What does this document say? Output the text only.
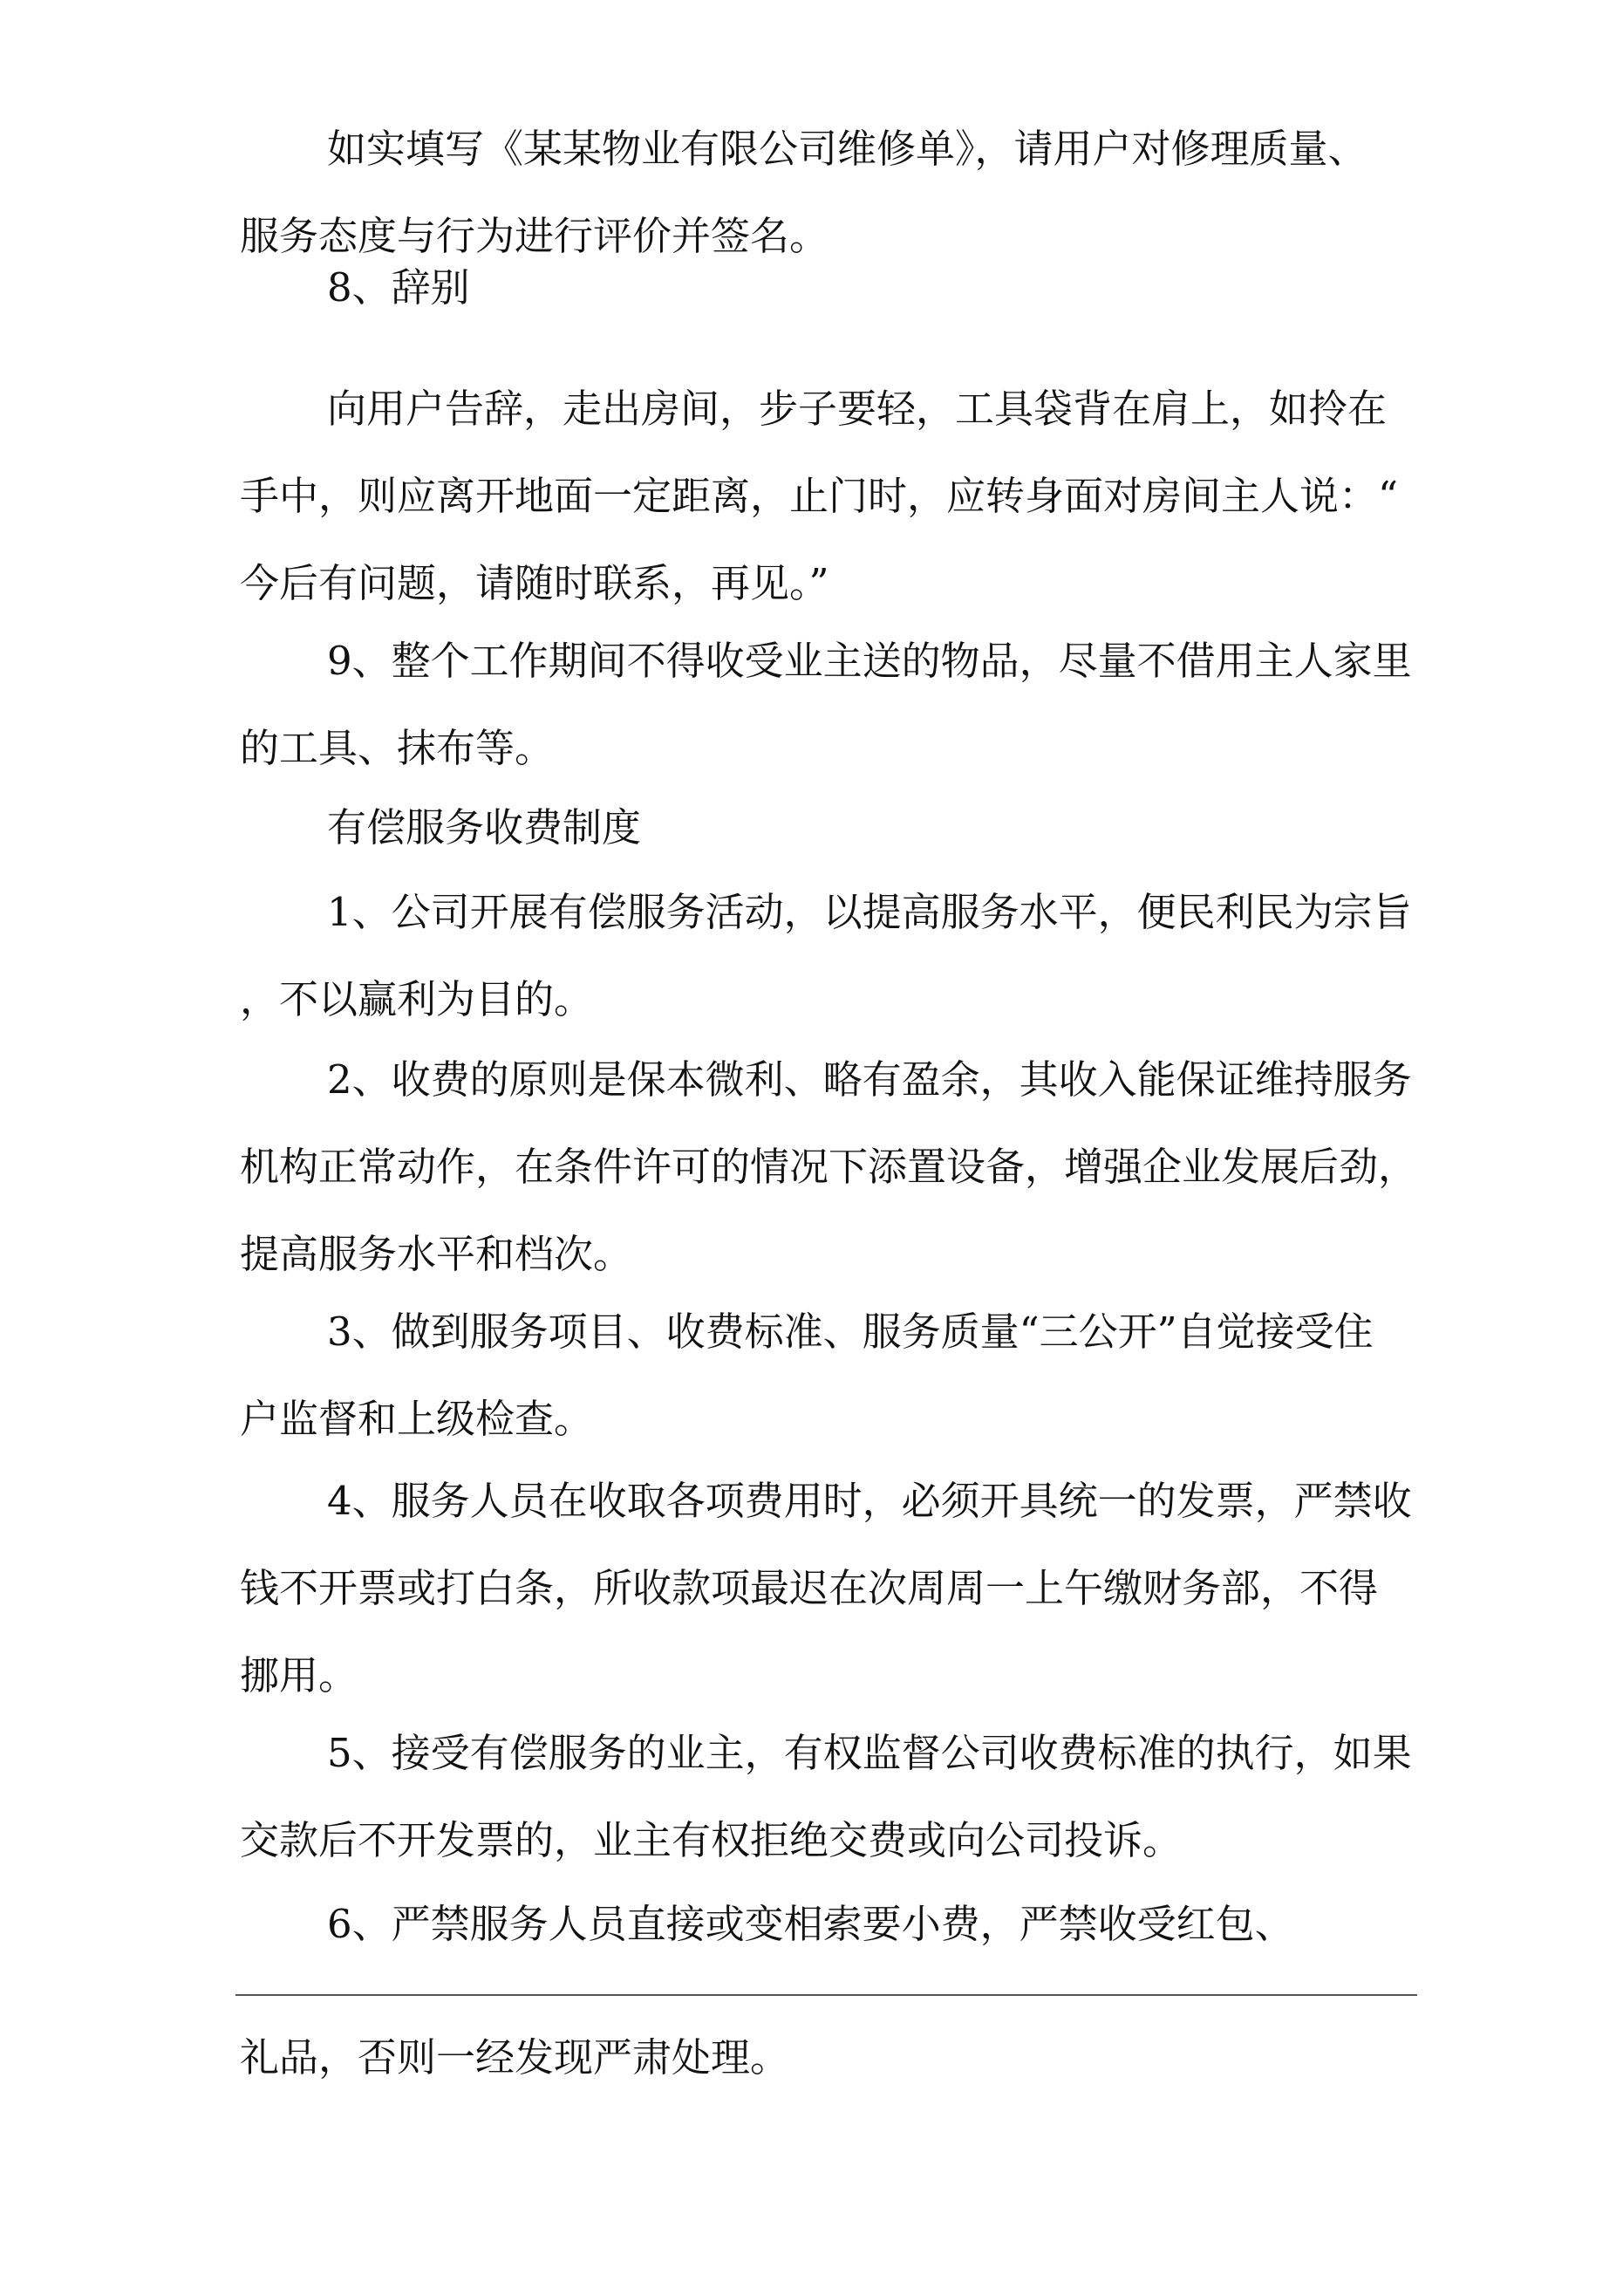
如实填写《某某物业有限公司维修单》，请用户对修理质量、
服务态度与行为进行评价并签名。

8、辞别

向用户告辞，走出房间，步子要轻，工具袋背在肩上，如拎在
手中，则应离开地面一定距离，止门时，应转身面对房间主人说：“
今后有问题，请随时联系，再见。”

9、整个工作期间不得收受业主送的物品，尽量不借用主人家里
的工具、抹布等。

有偿服务收费制度

1、公司开展有偿服务活动，以提高服务水平，便民利民为宗旨
，不以赢利为目的。

2、收费的原则是保本微利、略有盈余，其收入能保证维持服务
机构正常动作，在条件许可的情况下添置设备，增强企业发展后劲，
提高服务水平和档次。

3、做到服务项目、收费标准、服务质量“三公开”自觉接受住
户监督和上级检查。

4、服务人员在收取各项费用时，必须开具统一的发票，严禁收
钱不开票或打白条，所收款项最迟在次周周一上午缴财务部，不得
挪用。

5、接受有偿服务的业主，有权监督公司收费标准的执行，如果
交款后不开发票的，业主有权拒绝交费或向公司投诉。

6、严禁服务人员直接或变相索要小费，严禁收受红包、

礼品，否则一经发现严肃处理。
